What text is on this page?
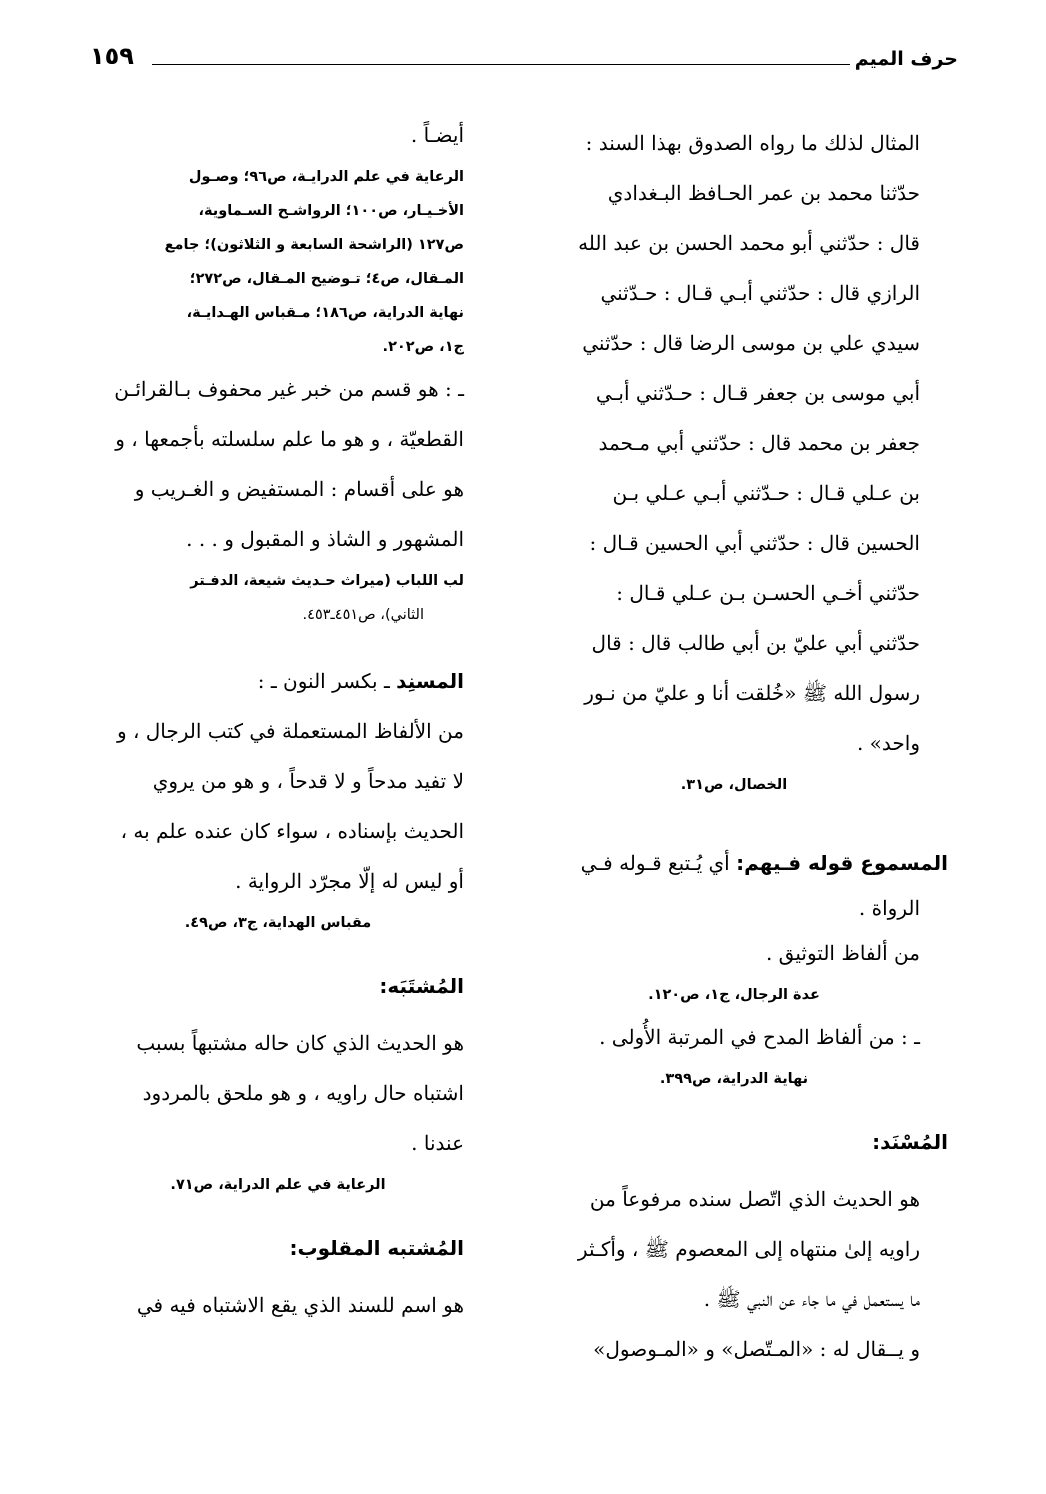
حرف الميم
١٥٩

المثال لذلك ما رواه الصدوق بهذا السند :

حدّثنا محمد بن عمر الحـافظ البـغدادي

قال : حدّثني أبو محمد الحسن بن عبد الله

الرازي قال : حدّثني أبـي قـال : حـدّثني

سيدي علي بن موسى الرضا قال : حدّثني

أبي موسى بن جعفر قـال : حـدّثني أبـي

جعفر بن محمد قال : حدّثني أبي مـحمد

بن عـلي قـال : حـدّثني أبـي عـلي بـن

الحسين قال : حدّثني أبي الحسين قـال :

حدّثني أخـي الحسـن بـن عـلي قـال :

حدّثني أبي عليّ بن أبي طالب قال : قال

رسول الله ﷺ «خُلقت أنا و عليّ من نـور

واحد» .

الخصال، ص٣١.

المسموع قوله فـيهم: أي يُـتبع قـوله فـي

الرواة .

من ألفاظ التوثيق .

عدة الرجال، ج١، ص١٢٠.

ـ : من ألفاظ المدح في المرتبة الأُولى .

نهاية الدراية، ص٣٩٩.

المُسْنَد:

هو الحديث الذي اتّصل سنده مرفوعاً من

راويه إلىٰ منتهاه إلى المعصوم ﷺ ، وأكـثر

ما يستعمل في ما جاء عن النبي ﷺ .

و يــقال له : «المـتّصل» و «المـوصول»

أيضـاً .

الرعاية في علم الدرايـة، ص٩٦؛ وصـول
الأخـيـار، ص١٠٠؛ الرواشـح السـماوية،
ص١٢٧ (الراشحة السابعة و الثلاثون)؛ جامع
المـقال، ص٤؛ تـوضيح المـقال، ص٢٧٢؛
نهاية الدراية، ص١٨٦؛ مـقباس الهـدايـة،
ج١، ص٢٠٢.

ـ : هو قسم من خبر غير محفوف بـالقرائـن

القطعيّة ، و هو ما علم سلسلته بأجمعها ، و

هو على أقسام : المستفيض و الغـريب و

المشهور و الشاذ و المقبول و . . .

لب اللباب (ميراث حـديث شيعة، الدفـتر

الثاني)، ص٤٥١ـ٤٥٣.

المسنِد ـ بكسر النون ـ :

من الألفاظ المستعملة في كتب الرجال ، و

لا تفيد مدحاً و لا قدحاً ، و هو من يروي

الحديث بإسناده ، سواء كان عنده علم به ،

أو ليس له إلّا مجرّد الرواية .

مقباس الهداية، ج٣، ص٤٩.

المُشتَبَه:

هو الحديث الذي كان حاله مشتبهاً بسبب

اشتباه حال راويه ، و هو ملحق بالمردود

عندنا .

الرعاية في علم الدراية، ص٧١.

المُشتبه المقلوب:

هو اسم للسند الذي يقع الاشتباه فيه في
